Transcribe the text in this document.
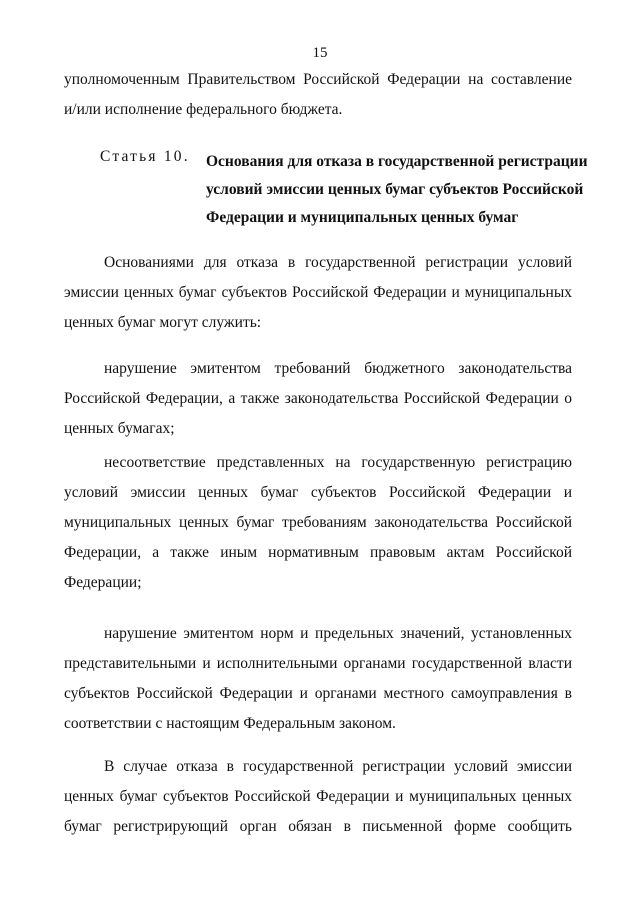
15
уполномоченным Правительством Российской Федерации на составление
и/или исполнение федерального бюджета.
Статья 10. Основания для отказа в государственной регистрации
условий эмиссии ценных бумаг субъектов Российской
Федерации и муниципальных ценных бумаг
Основаниями для отказа в государственной регистрации условий
эмиссии ценных бумаг субъектов Российской Федерации и муниципальных
ценных бумаг могут служить:
нарушение эмитентом требований бюджетного законодательства
Российской Федерации, а также законодательства Российской Федерации о
ценных бумагах;
несоответствие представленных на государственную регистрацию
условий эмиссии ценных бумаг субъектов Российской Федерации и
муниципальных ценных бумаг требованиям законодательства Российской
Федерации, а также иным нормативным правовым актам Российской
Федерации;
нарушение эмитентом норм и предельных значений, установленных
представительными и исполнительными органами государственной власти
субъектов Российской Федерации и органами местного самоуправления в
соответствии с настоящим Федеральным законом.
В случае отказа в государственной регистрации условий эмиссии
ценных бумаг субъектов Российской Федерации и муниципальных ценных
бумаг регистрирующий орган обязан в письменной форме сообщить
